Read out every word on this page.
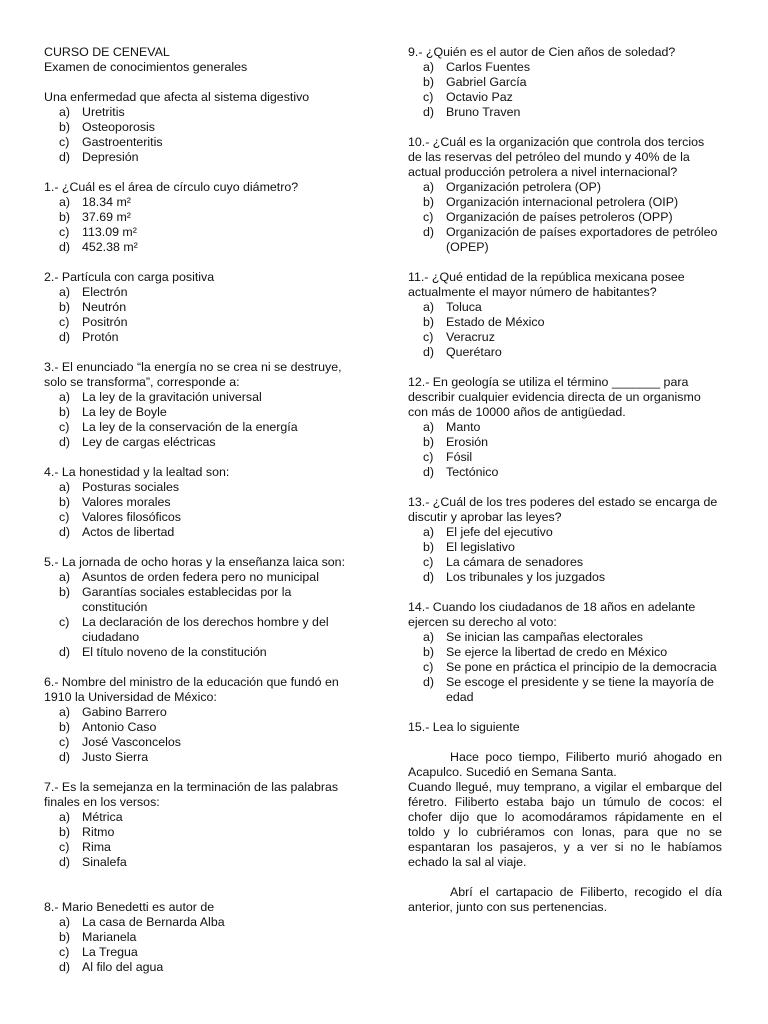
CURSO DE CENEVAL
Examen de conocimientos generales
Una enfermedad que afecta al sistema digestivo
a) Uretritis
b) Osteoporosis
c)	Gastroenteritis
d) Depresión
1.- ¿Cuál es el área de círculo cuyo diámetro?
a) 18.34 m²
b) 37.69 m²
c)	113.09 m²
d) 452.38 m²
2.- Partícula con carga positiva
a) Electrón
b) Neutrón
c)	Positrón
d) Protón
3.- El enunciado “la energía no se crea ni se destruye,
solo se transforma”, corresponde a:
a) La ley de la gravitación universal
b) La ley de Boyle
c)	La ley de la conservación de la energía
d) Ley de cargas eléctricas
4.- La honestidad y la lealtad son:
a) Posturas sociales
b) Valores morales
c)	Valores filosóficos
d) Actos de libertad
5.- La jornada de ocho horas y la enseñanza laica son:
a) Asuntos de orden federa pero no municipal
b) Garantías sociales establecidas por la constitución
c)	La declaración de los derechos hombre y del ciudadano
d) El título noveno de la constitución
6.- Nombre del ministro de la educación que fundó en
1910 la Universidad de México:
a) Gabino Barrero
b) Antonio Caso
c)	José Vasconcelos
d) Justo Sierra
7.- Es la semejanza en la terminación de las palabras
finales en los versos:
a) Métrica
b) Ritmo
c)	Rima
d) Sinalefa
8.- Mario Benedetti es autor de
a) La casa de Bernarda Alba
b) Marianela
c)	La Tregua
d) Al filo del agua
9.- ¿Quién es el autor de Cien años de soledad?
a) Carlos Fuentes
b) Gabriel García
c)	Octavio Paz
d) Bruno Traven
10.- ¿Cuál es la organización que controla dos tercios
de las reservas del petróleo del mundo y 40% de la
actual producción petrolera a nivel internacional?
a) Organización petrolera (OP)
b) Organización internacional petrolera (OIP)
c)	Organización de países petroleros (OPP)
d) Organización de países exportadores de petróleo (OPEP)
11.- ¿Qué entidad de la república mexicana posee
actualmente el mayor número de habitantes?
a) Toluca
b) Estado de México
c)	Veracruz
d) Querétaro
12.- En geología se utiliza el término _______ para
describir cualquier evidencia directa de un organismo
con más de 10000 años de antigüedad.
a) Manto
b) Erosión
c)	Fósil
d) Tectónico
13.- ¿Cuál de los tres poderes del estado se encarga de
discutir y aprobar las leyes?
a) El jefe del ejecutivo
b) El legislativo
c)	La cámara de senadores
d) Los tribunales y los juzgados
14.- Cuando los ciudadanos de 18 años en adelante
ejercen su derecho al voto:
a) Se inician las campañas electorales
b) Se ejerce la libertad de credo en México
c)	Se pone en práctica el principio de la democracia
d) Se escoge el presidente y se tiene la mayoría de edad
15.- Lea lo siguiente

Hace poco tiempo, Filiberto murió ahogado en Acapulco. Sucedió en Semana Santa.

Cuando llegué, muy temprano, a vigilar el embarque del féretro. Filiberto estaba bajo un túmulo de cocos: el chofer dijo que lo acomodáramos rápidamente en el toldo y lo cubriéramos con lonas, para que no se espantaran los pasajeros, y a ver si no le habíamos echado la sal al viaje.

Abrí el cartapacio de Filiberto, recogido el día anterior, junto con sus pertenencias.
